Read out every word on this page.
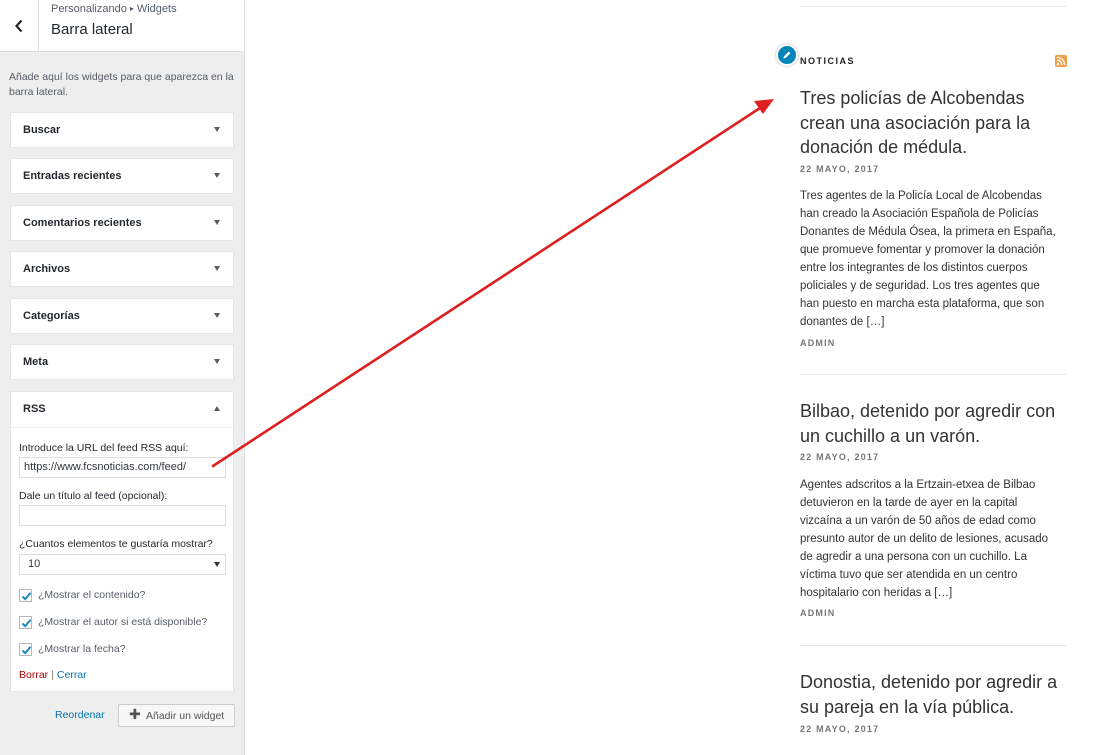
Personalizando ▸ Widgets
Barra lateral
Añade aquí los widgets para que aparezca en la barra lateral.
Buscar
Entradas recientes
Comentarios recientes
Archivos
Categorías
Meta
RSS
Introduce la URL del feed RSS aquí:
https://www.fcsnoticias.com/feed/
Dale un título al feed (opcional):
¿Cuantos elementos te gustaría mostrar?
10
¿Mostrar el contenido?
¿Mostrar el autor si está disponible?
¿Mostrar la fecha?
Borrar | Cerrar
Reordenar ✚ Añadir un widget
NOTICIAS
Tres policías de Alcobendas crean una asociación para la donación de médula.
22 MAYO, 2017
Tres agentes de la Policía Local de Alcobendas han creado la Asociación Española de Policías Donantes de Médula Ósea, la primera en España, que promueve fomentar y promover la donación entre los integrantes de los distintos cuerpos policiales y de seguridad. Los tres agentes que han puesto en marcha esta plataforma, que son donantes de […]
ADMIN
Bilbao, detenido por agredir con un cuchillo a un varón.
22 MAYO, 2017
Agentes adscritos a la Ertzain-etxea de Bilbao detuvieron en la tarde de ayer en la capital vizcaína a un varón de 50 años de edad como presunto autor de un delito de lesiones, acusado de agredir a una persona con un cuchillo. La víctima tuvo que ser atendida en un centro hospitalario con heridas a […]
ADMIN
Donostia, detenido por agredir a su pareja en la vía pública.
22 MAYO, 2017
